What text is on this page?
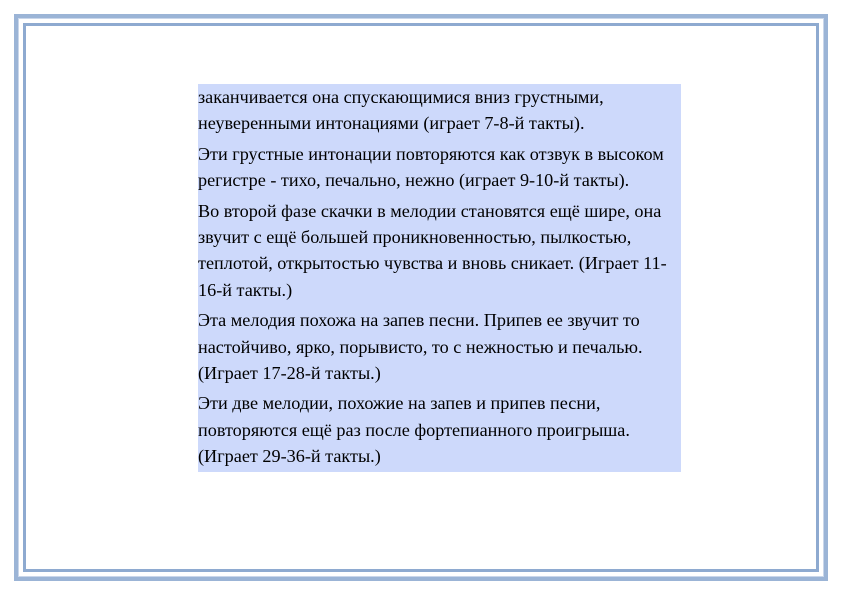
заканчивается она спускающимися вниз грустными, неуверенными интонациями (играет 7-8-й такты).

Эти грустные интонации повторяются как отзвук в высоком регистре - тихо, печально, нежно (играет 9-10-й такты).

Во второй фазе скачки в мелодии становятся ещё шире, она звучит с ещё большей проникновенностью, пылкостью, теплотой, открытостью чувства и вновь сникает. (Играет 11-16-й такты.)

Эта мелодия похожа на запев песни. Припев ее звучит то настойчиво, ярко, порывисто, то с нежностью и печалью. (Играет 17-28-й такты.)

Эти две мелодии, похожие на запев и припев песни, повторяются ещё раз после фортепианного проигрыша. (Играет 29-36-й такты.)
